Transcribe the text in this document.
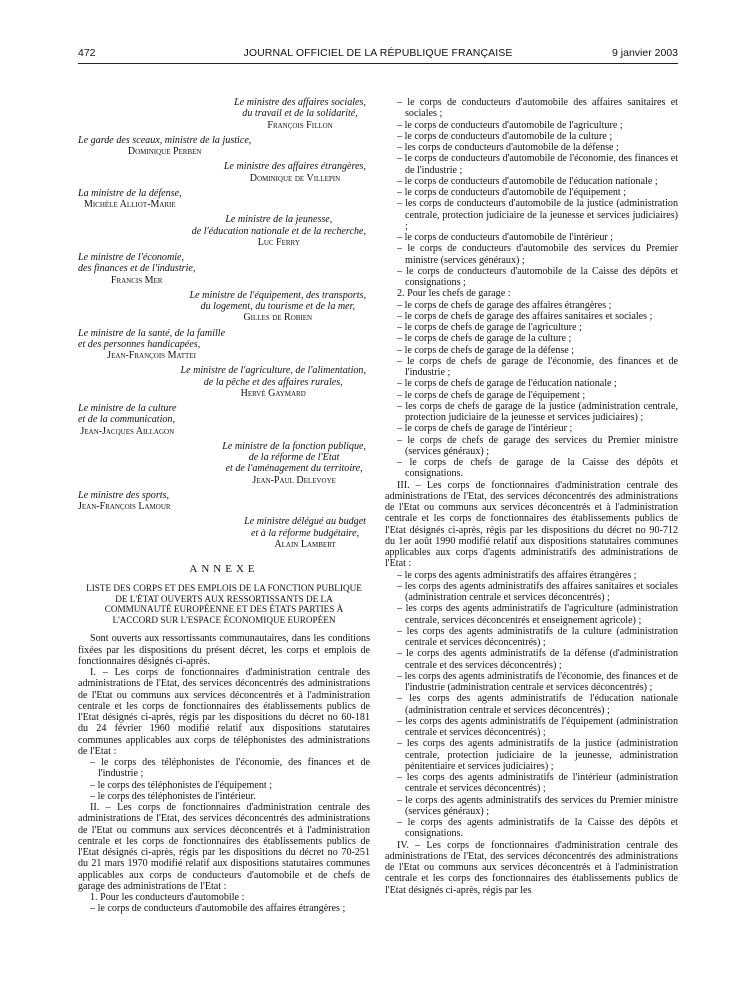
472	JOURNAL OFFICIEL DE LA RÉPUBLIQUE FRANÇAISE	9 janvier 2003
Le ministre des affaires sociales,
du travail et de la solidarité,
François Fillon
Le garde des sceaux, ministre de la justice,
Dominique Perben
Le ministre des affaires étrangères,
Dominique de Villepin
La ministre de la défense,
Michèle Alliot-Marie
Le ministre de la jeunesse,
de l'éducation nationale et de la recherche,
Luc Ferry
Le ministre de l'économie,
des finances et de l'industrie,
Francis Mer
Le ministre de l'équipement, des transports,
du logement, du tourisme et de la mer,
Gilles de Robien
Le ministre de la santé, de la famille
et des personnes handicapées,
Jean-François Mattei
Le ministre de l'agriculture, de l'alimentation,
de la pêche et des affaires rurales,
Hervé Gaymard
Le ministre de la culture
et de la communication,
Jean-Jacques Aillagon
Le ministre de la fonction publique,
de la réforme de l'Etat
et de l'aménagement du territoire,
Jean-Paul Delevoye
Le ministre des sports,
Jean-François Lamour
Le ministre délégué au budget
et à la réforme budgétaire,
Alain Lambert
ANNEXE
LISTE DES CORPS ET DES EMPLOIS DE LA FONCTION PUBLIQUE DE L'ÉTAT OUVERTS AUX RESSORTISSANTS DE LA COMMUNAUTÉ EUROPÉENNE ET DES ÉTATS PARTIES À L'ACCORD SUR L'ESPACE ÉCONOMIQUE EUROPÉEN

Sont ouverts aux ressortissants communautaires, dans les conditions fixées par les dispositions du présent décret, les corps et emplois de fonctionnaires désignés ci-après.

I. – Les corps de fonctionnaires d'administration centrale des administrations de l'Etat, des services déconcentrés des administrations de l'Etat ou communs aux services déconcentrés et à l'administration centrale et les corps de fonctionnaires des établissements publics de l'Etat désignés ci-après, régis par les dispositions du décret no 60-181 du 24 février 1960 modifié relatif aux dispositions statutaires communes applicables aux corps de téléphonistes des administrations de l'Etat :

– le corps des téléphonistes de l'économie, des finances et de l'industrie ;

– le corps des téléphonistes de l'équipement ;

– le corps des téléphonistes de l'intérieur.

II. – Les corps de fonctionnaires d'administration centrale des administrations de l'Etat, des services déconcentrés des administrations de l'Etat ou communs aux services déconcentrés et à l'administration centrale et les corps de fonctionnaires des établissements publics de l'Etat désignés ci-après, régis par les dispositions du décret no 70-251 du 21 mars 1970 modifié relatif aux dispositions statutaires communes applicables aux corps de conducteurs d'automobile et de chefs de garage des administrations de l'Etat :

1. Pour les conducteurs d'automobile :

– le corps de conducteurs d'automobile des affaires étrangères ;

– le corps de conducteurs d'automobile des affaires sanitaires et sociales ;

– le corps de conducteurs d'automobile de l'agriculture ;

– le corps de conducteurs d'automobile de la culture ;

– les corps de conducteurs d'automobile de la défense ;

– le corps de conducteurs d'automobile de l'économie, des finances et de l'industrie ;

– le corps de conducteurs d'automobile de l'éducation nationale ;

– le corps de conducteurs d'automobile de l'équipement ;

– les corps de conducteurs d'automobile de la justice (administration centrale, protection judiciaire de la jeunesse et services judiciaires) ;

– le corps de conducteurs d'automobile de l'intérieur ;

– le corps de conducteurs d'automobile des services du Premier ministre (services généraux) ;

– le corps de conducteurs d'automobile de la Caisse des dépôts et consignations ;

2. Pour les chefs de garage :

– le corps de chefs de garage des affaires étrangères ;

– le corps de chefs de garage des affaires sanitaires et sociales ;

– le corps de chefs de garage de l'agriculture ;

– le corps de chefs de garage de la culture ;

– le corps de chefs de garage de la défense ;

– le corps de chefs de garage de l'économie, des finances et de l'industrie ;

– le corps de chefs de garage de l'éducation nationale ;

– le corps de chefs de garage de l'équipement ;

– les corps de chefs de garage de la justice (administration centrale, protection judiciaire de la jeunesse et services judiciaires) ;

– le corps de chefs de garage de l'intérieur ;

– le corps de chefs de garage des services du Premier ministre (services généraux) ;

– le corps de chefs de garage de la Caisse des dépôts et consignations.

III. – Les corps de fonctionnaires d'administration centrale des administrations de l'Etat, des services déconcentrés des administrations de l'Etat ou communs aux services déconcentrés et à l'administration centrale et les corps de fonctionnaires des établissements publics de l'Etat désignés ci-après, régis par les dispositions du décret no 90-712 du 1er août 1990 modifié relatif aux dispositions statutaires communes applicables aux corps d'agents administratifs des administrations de l'Etat :

– le corps des agents administratifs des affaires étrangères ;

– les corps des agents administratifs des affaires sanitaires et sociales (administration centrale et services déconcentrés) ;

– les corps des agents administratifs de l'agriculture (administration centrale, services déconcentrés et enseignement agricole) ;

– les corps des agents administratifs de la culture (administration centrale et services déconcentrés) ;

– le corps des agents administratifs de la défense (d'administration centrale et des services déconcentrés) ;

– les corps des agents administratifs de l'économie, des finances et de l'industrie (administration centrale et services déconcentrés) ;

– les corps des agents administratifs de l'éducation nationale (administration centrale et services déconcentrés) ;

– les corps des agents administratifs de l'équipement (administration centrale et services déconcentrés) ;

– les corps des agents administratifs de la justice (administration centrale, protection judiciaire de la jeunesse, administration pénitentiaire et services judiciaires) ;

– les corps des agents administratifs de l'intérieur (administration centrale et services déconcentrés) ;

– le corps des agents administratifs des services du Premier ministre (services généraux) ;

– le corps des agents administratifs de la Caisse des dépôts et consignations.

IV. – Les corps de fonctionnaires d'administration centrale des administrations de l'Etat, des services déconcentrés des administrations de l'Etat ou communs aux services déconcentrés et à l'administration centrale et les corps des fonctionnaires des établissements publics de l'Etat désignés ci-après, régis par les
